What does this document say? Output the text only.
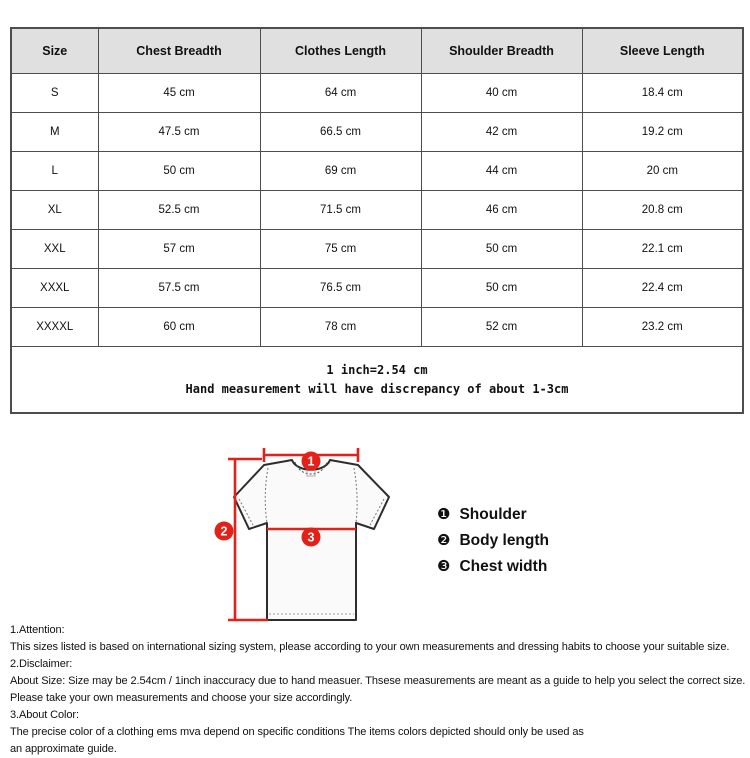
Size	Chest Breadth	Clothes Length	Shoulder Breadth	Sleeve Length
S	45 cm	64 cm	40 cm	18.4 cm
M	47.5 cm	66.5 cm	42 cm	19.2 cm
L	50 cm	69 cm	44 cm	20 cm
XL	52.5 cm	71.5 cm	46 cm	20.8 cm
XXL	57 cm	75 cm	50 cm	22.1 cm
XXXL	57.5 cm	76.5 cm	50 cm	22.4 cm
XXXXL	60 cm	78 cm	52 cm	23.2 cm

1 inch=2.54 cm
Hand measurement will have discrepancy of about 1-3cm				
1
2	3
❶ Shoulder
❷ Body length
❸ Chest width
1.Attention:
This sizes listed is based on international sizing system, please according to your own measurements and dressing habits to choose your suitable size.
2.Disclaimer:
About Size: Size may be 2.54cm / 1inch inaccuracy due to hand measuer. Thsese measurements are meant as a guide to help you select the correct size.
Please take your own measurements and choose your size accordingly.
3.About Color:
The precise color of a clothing ems mva depend on specific conditions The items colors depicted should only be used as
an approximate guide.
